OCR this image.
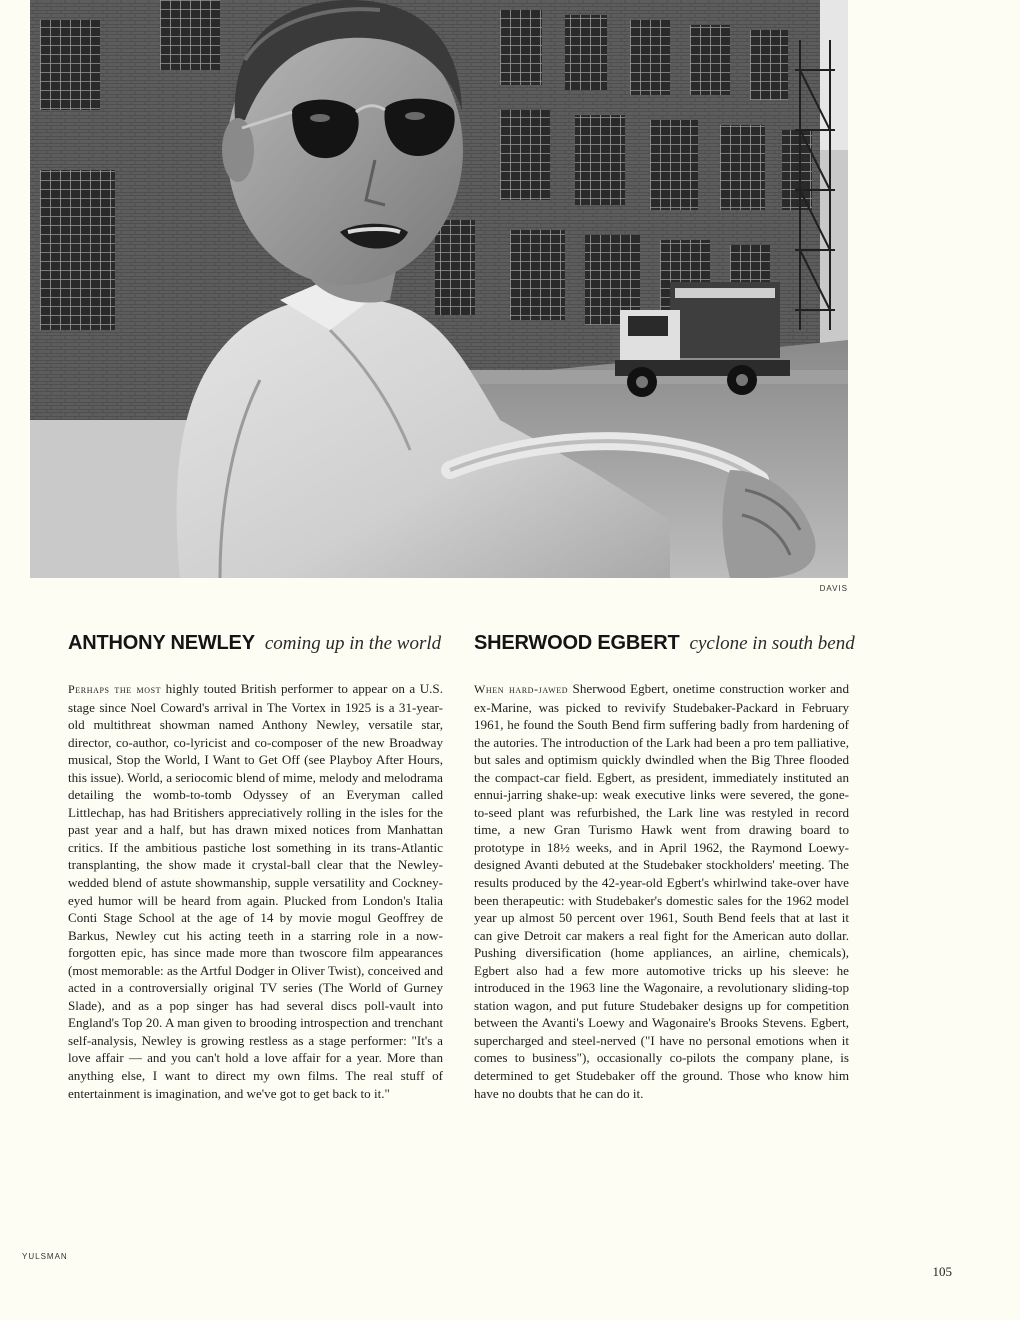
DAVIS
ANTHONY NEWLEY coming up in the world

Perhaps the most highly touted British performer to appear on a U.S. stage since Noel Coward's arrival in The Vortex in 1925 is a 31-year-old multithreat showman named Anthony Newley, versatile star, director, co-author, co-lyricist and co-composer of the new Broadway musical, Stop the World, I Want to Get Off (see Playboy After Hours, this issue). World, a seriocomic blend of mime, melody and melodrama detailing the womb-to-tomb Odyssey of an Everyman called Littlechap, has had Britishers appreciatively rolling in the isles for the past year and a half, but has drawn mixed notices from Manhattan critics. If the ambitious pastiche lost something in its trans-Atlantic transplanting, the show made it crystal-ball clear that the Newley-wedded blend of astute showmanship, supple versatility and Cockney-eyed humor will be heard from again. Plucked from London's Italia Conti Stage School at the age of 14 by movie mogul Geoffrey de Barkus, Newley cut his acting teeth in a starring role in a now-forgotten epic, has since made more than twoscore film appearances (most memorable: as the Artful Dodger in Oliver Twist), conceived and acted in a controversially original TV series (The World of Gurney Slade), and as a pop singer has had several discs poll-vault into England's Top 20. A man given to brooding introspection and trenchant self-analysis, Newley is growing restless as a stage performer: "It's a love affair — and you can't hold a love affair for a year. More than anything else, I want to direct my own films. The real stuff of entertainment is imagination, and we've got to get back to it."

SHERWOOD EGBERT cyclone in south bend

When hard-jawed Sherwood Egbert, onetime construction worker and ex-Marine, was picked to revivify Studebaker-Packard in February 1961, he found the South Bend firm suffering badly from hardening of the autories. The introduction of the Lark had been a pro tem palliative, but sales and optimism quickly dwindled when the Big Three flooded the compact-car field. Egbert, as president, immediately instituted an ennui-jarring shake-up: weak executive links were severed, the gone-to-seed plant was refurbished, the Lark line was restyled in record time, a new Gran Turismo Hawk went from drawing board to prototype in 18½ weeks, and in April 1962, the Raymond Loewy-designed Avanti debuted at the Studebaker stockholders' meeting. The results produced by the 42-year-old Egbert's whirlwind take-over have been therapeutic: with Studebaker's domestic sales for the 1962 model year up almost 50 percent over 1961, South Bend feels that at last it can give Detroit car makers a real fight for the American auto dollar. Pushing diversification (home appliances, an airline, chemicals), Egbert also had a few more automotive tricks up his sleeve: he introduced in the 1963 line the Wagonaire, a revolutionary sliding-top station wagon, and put future Studebaker designs up for competition between the Avanti's Loewy and Wagonaire's Brooks Stevens. Egbert, supercharged and steel-nerved ("I have no personal emotions when it comes to business"), occasionally co-pilots the company plane, is determined to get Studebaker off the ground. Those who know him have no doubts that he can do it.

YULSMAN
105
